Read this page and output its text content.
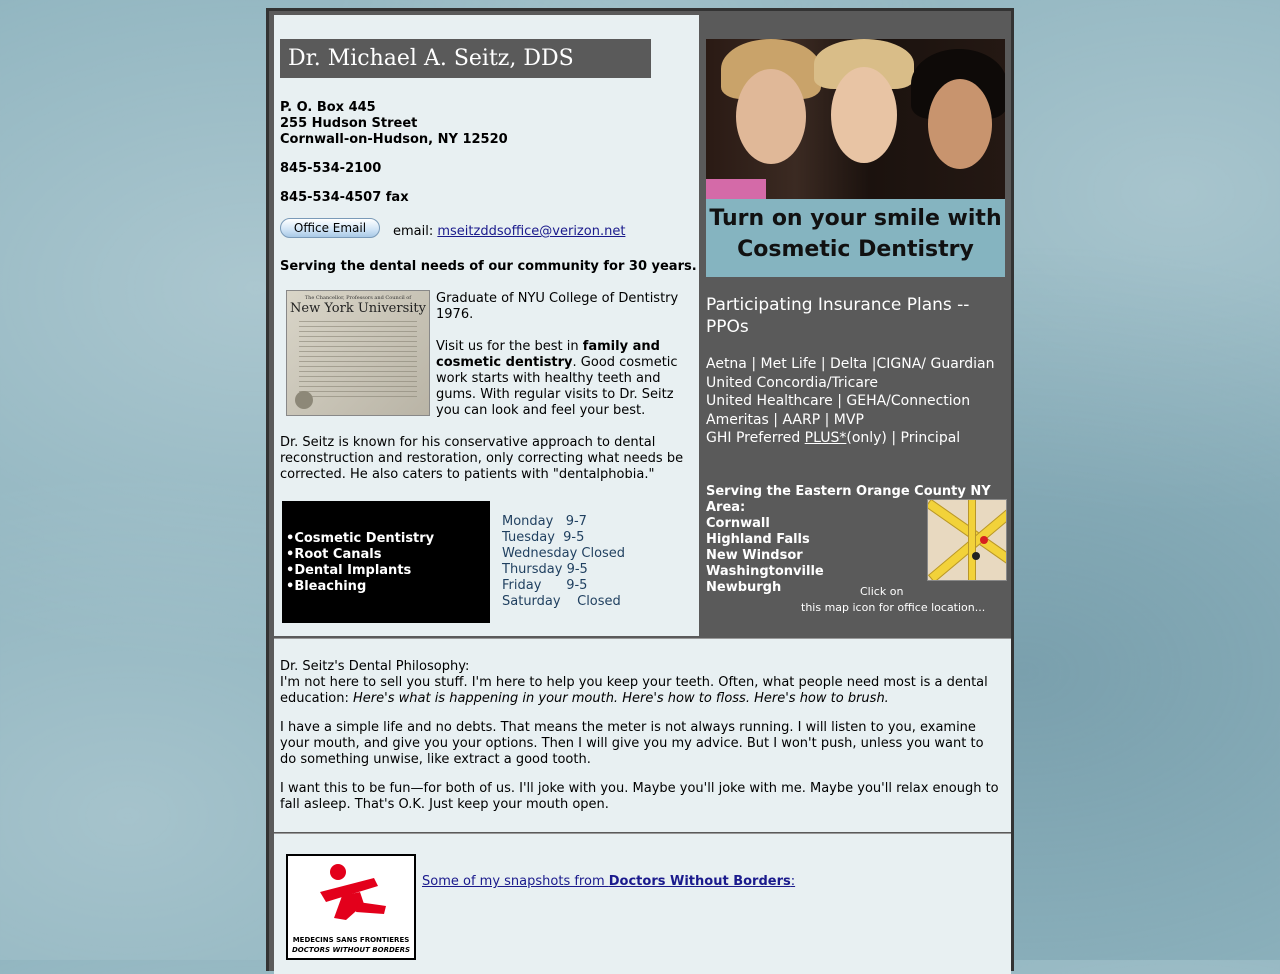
Dr. Michael A. Seitz, DDS

P. O. Box 445

255 Hudson Street

Cornwall-on-Hudson, NY 12520

845-534-2100

845-534-4507 fax

Office Email	email: mseitzddsoffice@verizon.net
Serving the dental needs of our community for 30 years.
The Chancellor, Professors and Council of
New York University

Graduate of NYU College of Dentistry 1976.

Visit us for the best in family and cosmetic dentistry. Good cosmetic work starts with healthy teeth and gums. With regular visits to Dr. Seitz you can look and feel your best.

Dr. Seitz is known for his conservative approach to dental reconstruction and restoration, only correcting what needs be corrected. He also caters to patients with "dentalphobia."

• Cosmetic Dentistry
• Root Canals
• Dental Implants
• Bleaching
Monday   9-7
Tuesday  9-5
Wednesday Closed
Thursday 9-5
Friday      9-5
Saturday    Closed
Turn on your smile with
Cosmetic Dentistry
Participating Insurance Plans -- PPOs
Aetna | Met Life | Delta |CIGNA/ Guardian
United Concordia/Tricare
United Healthcare | GEHA/Connection
Ameritas | AARP | MVP
GHI Preferred PLUS*(only) | Principal
Serving the Eastern Orange County NY Area:
Cornwall
Highland Falls
New Windsor
Washingtonville
Newburgh	Click on
this map icon for office location...
Dr. Seitz's Dental Philosophy:

I'm not here to sell you stuff. I'm here to help you keep your teeth. Often, what people need most is a dental education: Here's what is happening in your mouth. Here's how to floss. Here's how to brush.

I have a simple life and no debts. That means the meter is not always running. I will listen to you, examine your mouth, and give you your options. Then I will give you my advice. But I won't push, unless you want to do something unwise, like extract a good tooth.

I want this to be fun—for both of us. I'll joke with you. Maybe you'll joke with me. Maybe you'll relax enough to fall asleep. That's O.K. Just keep your mouth open.

MEDECINS SANS FRONTIERES
DOCTORS WITHOUT BORDERS
Some of my snapshots from Doctors Without Borders:
